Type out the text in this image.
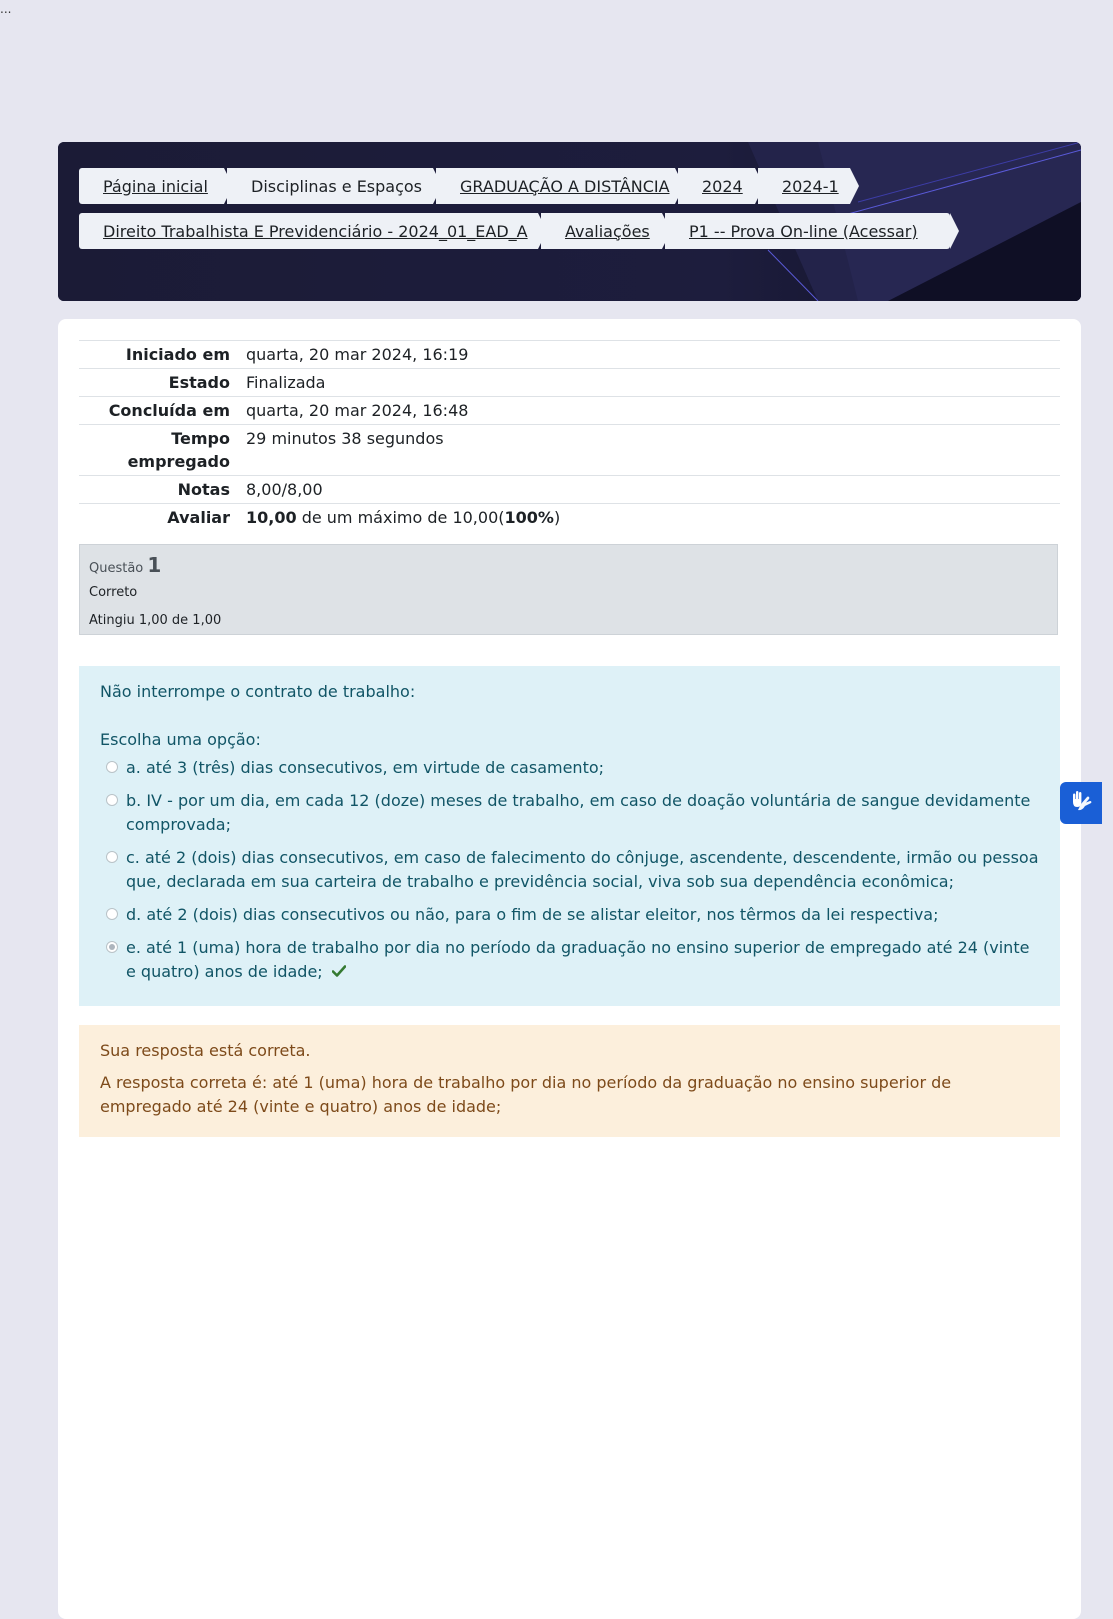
...
Página inicial	Disciplinas e Espaços GRADUAÇÃO A DISTÂNCIA 2024 2024-1
Direito Trabalhista E Previdenciário - 2024_01_EAD_A Avaliações P1 -- Prova On-line (Acessar)
Iniciado em	quarta, 20 mar 2024, 16:19
Estado	Finalizada
Concluída em	quarta, 20 mar 2024, 16:48
Tempo empregado	29 minutos 38 segundos
Notas	8,00/8,00
Avaliar	10,00 de um máximo de 10,00(100%)
Questão 1
Correto
Atingiu 1,00 de 1,00
Não interrompe o contrato de trabalho:
Escolha uma opção:
a. até 3 (três) dias consecutivos, em virtude de casamento;
b. IV - por um dia, em cada 12 (doze) meses de trabalho, em caso de doação voluntária de sangue devidamente comprovada;
c. até 2 (dois) dias consecutivos, em caso de falecimento do cônjuge, ascendente, descendente, irmão ou pessoa que, declarada em sua carteira de trabalho e previdência social, viva sob sua dependência econômica;
d. até 2 (dois) dias consecutivos ou não, para o fim de se alistar eleitor, nos têrmos da lei respectiva;
e. até 1 (uma) hora de trabalho por dia no período da graduação no ensino superior de empregado até 24 (vinte e quatro) anos de idade;
Sua resposta está correta.
A resposta correta é: até 1 (uma) hora de trabalho por dia no período da graduação no ensino superior de empregado até 24 (vinte e quatro) anos de idade;
